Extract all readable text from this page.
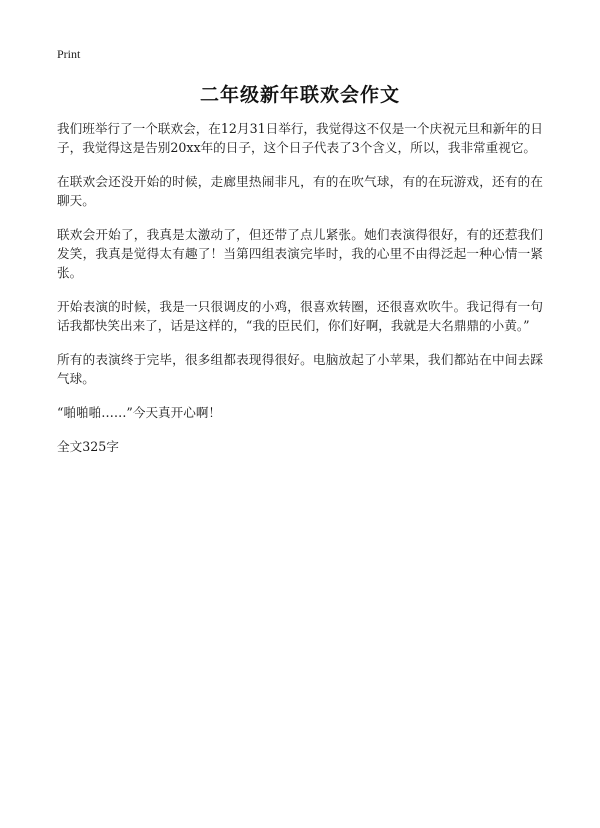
Print
二年级新年联欢会作文

我们班举行了一个联欢会，在12月31日举行，我觉得这不仅是一个庆祝元旦和新年的日子，我觉得这是告别20xx年的日子，这个日子代表了3个含义，所以，我非常重视它。

在联欢会还没开始的时候，走廊里热闹非凡，有的在吹气球，有的在玩游戏，还有的在聊天。

联欢会开始了，我真是太激动了，但还带了点儿紧张。她们表演得很好，有的还惹我们发笑，我真是觉得太有趣了！当第四组表演完毕时，我的心里不由得泛起一种心情一紧张。

开始表演的时候，我是一只很调皮的小鸡，很喜欢转圈，还很喜欢吹牛。我记得有一句话我都快笑出来了，话是这样的，“我的臣民们，你们好啊，我就是大名鼎鼎的小黄。”

所有的表演终于完毕，很多组都表现得很好。电脑放起了小苹果，我们都站在中间去踩气球。

“啪啪啪……”今天真开心啊！

全文325字
